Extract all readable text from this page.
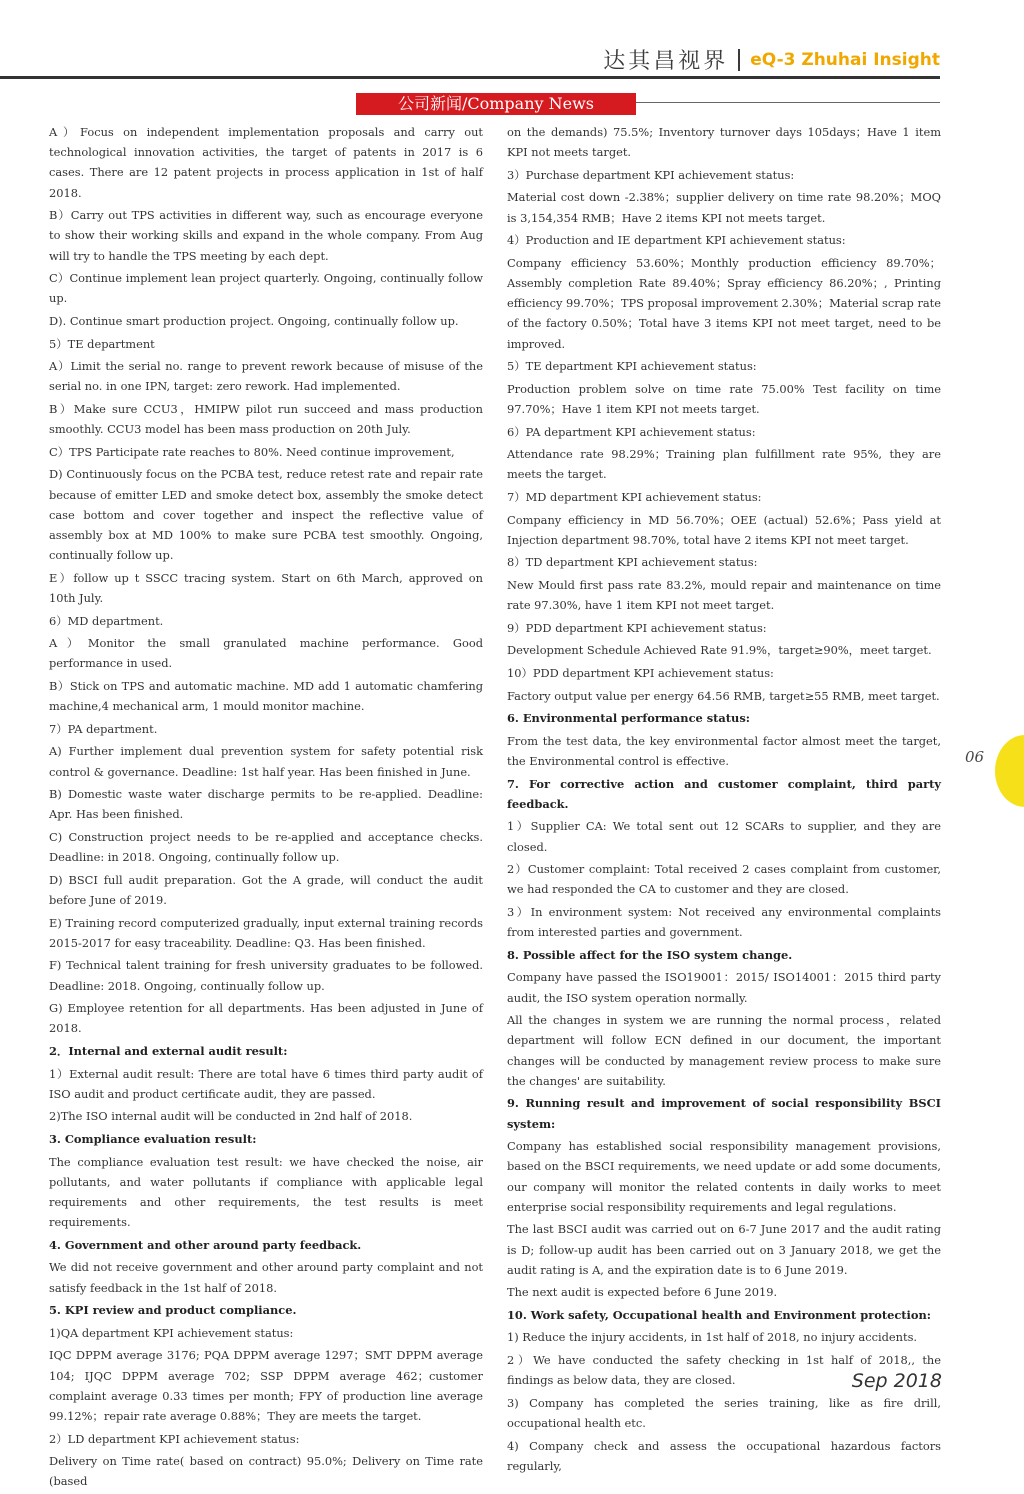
达其昌视界 eQ-3 Zhuhai Insight
公司新闻/Company News

A）Focus on independent implementation proposals and carry out technological innovation activities, the target of patents in 2017 is 6 cases. There are 12 patent projects in process application in 1st of half 2018.

B）Carry out TPS activities in different way, such as encourage everyone to show their working skills and expand in the whole company. From Aug will try to handle the TPS meeting by each dept.

C）Continue implement lean project quarterly. Ongoing, continually follow up.

D). Continue smart production project. Ongoing, continually follow up.

5）TE department

A）Limit the serial no. range to prevent rework because of misuse of the serial no. in one IPN, target: zero rework. Had implemented.

B）Make sure CCU3，HMIPW pilot run succeed and mass production smoothly. CCU3 model has been mass production on 20th July.

C）TPS Participate rate reaches to 80%. Need continue improvement,

D) Continuously focus on the PCBA test, reduce retest rate and repair rate because of emitter LED and smoke detect box, assembly the smoke detect case bottom and cover together and inspect the reflective value of assembly box at MD 100% to make sure PCBA test smoothly. Ongoing, continually follow up.

E）follow up t SSCC tracing system. Start on 6th March, approved on 10th July.

6）MD department.

A）Monitor the small granulated machine performance. Good performance in used.

B）Stick on TPS and automatic machine. MD add 1 automatic chamfering machine,4 mechanical arm, 1 mould monitor machine.

7）PA department.

A) Further implement dual prevention system for safety potential risk control & governance. Deadline: 1st half year. Has been finished in June.

B) Domestic waste water discharge permits to be re-applied. Deadline: Apr. Has been finished.

C) Construction project needs to be re-applied and acceptance checks. Deadline: in 2018. Ongoing, continually follow up.

D) BSCI full audit preparation. Got the A grade, will conduct the audit before June of 2019.

E) Training record computerized gradually, input external training records 2015-2017 for easy traceability. Deadline: Q3. Has been finished.

F) Technical talent training for fresh university graduates to be followed. Deadline: 2018. Ongoing, continually follow up.

G) Employee retention for all departments. Has been adjusted in June of 2018.

2．Internal and external audit result:

1）External audit result: There are total have 6 times third party audit of ISO audit and product certificate audit, they are passed.

2)The ISO internal audit will be conducted in 2nd half of 2018.

3. Compliance evaluation result:

The compliance evaluation test result: we have checked the noise, air pollutants, and water pollutants if compliance with applicable legal requirements and other requirements, the test results is meet requirements.

4. Government and other around party feedback.

We did not receive government and other around party complaint and not satisfy feedback in the 1st half of 2018.

5. KPI review and product compliance.

1)QA department KPI achievement status:

IQC DPPM average 3176; PQA DPPM average 1297；SMT DPPM average 104; IJQC DPPM average 702; SSP DPPM average 462；customer complaint average 0.33 times per month; FPY of production line average 99.12%；repair rate average 0.88%；They are meets the target.

2）LD department KPI achievement status:

Delivery on Time rate( based on contract) 95.0%; Delivery on Time rate (based

on the demands) 75.5%; Inventory turnover days 105days；Have 1 item KPI not meets target.

3）Purchase department KPI achievement status:

Material cost down -2.38%；supplier delivery on time rate 98.20%；MOQ is 3,154,354 RMB；Have 2 items KPI not meets target.

4）Production and IE department KPI achievement status:

Company efficiency 53.60%；Monthly production efficiency 89.70%；Assembly completion Rate 89.40%；Spray efficiency 86.20%；, Printing efficiency 99.70%；TPS proposal improvement 2.30%；Material scrap rate of the factory 0.50%；Total have 3 items KPI not meet target, need to be improved.

5）TE department KPI achievement status:

Production problem solve on time rate 75.00% Test facility on time 97.70%；Have 1 item KPI not meets target.

6）PA department KPI achievement status:

Attendance rate 98.29%；Training plan fulfillment rate 95%, they are meets the target.

7）MD department KPI achievement status:

Company efficiency in MD 56.70%；OEE (actual) 52.6%；Pass yield at Injection department 98.70%, total have 2 items KPI not meet target.

8）TD department KPI achievement status:

New Mould first pass rate 83.2%, mould repair and maintenance on time rate 97.30%, have 1 item KPI not meet target.

9）PDD department KPI achievement status:

Development Schedule Achieved Rate 91.9%，target≥90%，meet target.

10）PDD department KPI achievement status:

Factory output value per energy 64.56 RMB, target≥55 RMB, meet target.

6. Environmental performance status:

From the test data, the key environmental factor almost meet the target, the Environmental control is effective.

7. For corrective action and customer complaint, third party feedback.

1）Supplier CA: We total sent out 12 SCARs to supplier, and they are closed.

2）Customer complaint: Total received 2 cases complaint from customer, we had responded the CA to customer and they are closed.

3）In environment system: Not received any environmental complaints from interested parties and government.

8. Possible affect for the ISO system change.

Company have passed the ISO19001：2015/ ISO14001：2015 third party audit, the ISO system operation normally.

All the changes in system we are running the normal process，related department will follow ECN defined in our document, the important changes will be conducted by management review process to make sure the changes' are suitability.

9. Running result and improvement of social responsibility BSCI system:

Company has established social responsibility management provisions, based on the BSCI requirements, we need update or add some documents, our company will monitor the related contents in daily works to meet enterprise social responsibility requirements and legal regulations.

The last BSCI audit was carried out on 6-7 June 2017 and the audit rating is D; follow-up audit has been carried out on 3 January 2018, we get the audit rating is A, and the expiration date is to 6 June 2019.

The next audit is expected before 6 June 2019.

10. Work safety, Occupational health and Environment protection:

1) Reduce the injury accidents, in 1st half of 2018, no injury accidents.

2）We have conducted the safety checking in 1st half of 2018,, the findings as below data, they are closed.

3) Company has completed the series training, like as fire drill, occupational health etc.

4) Company check and assess the occupational hazardous factors regularly,

06
Sep 2018
